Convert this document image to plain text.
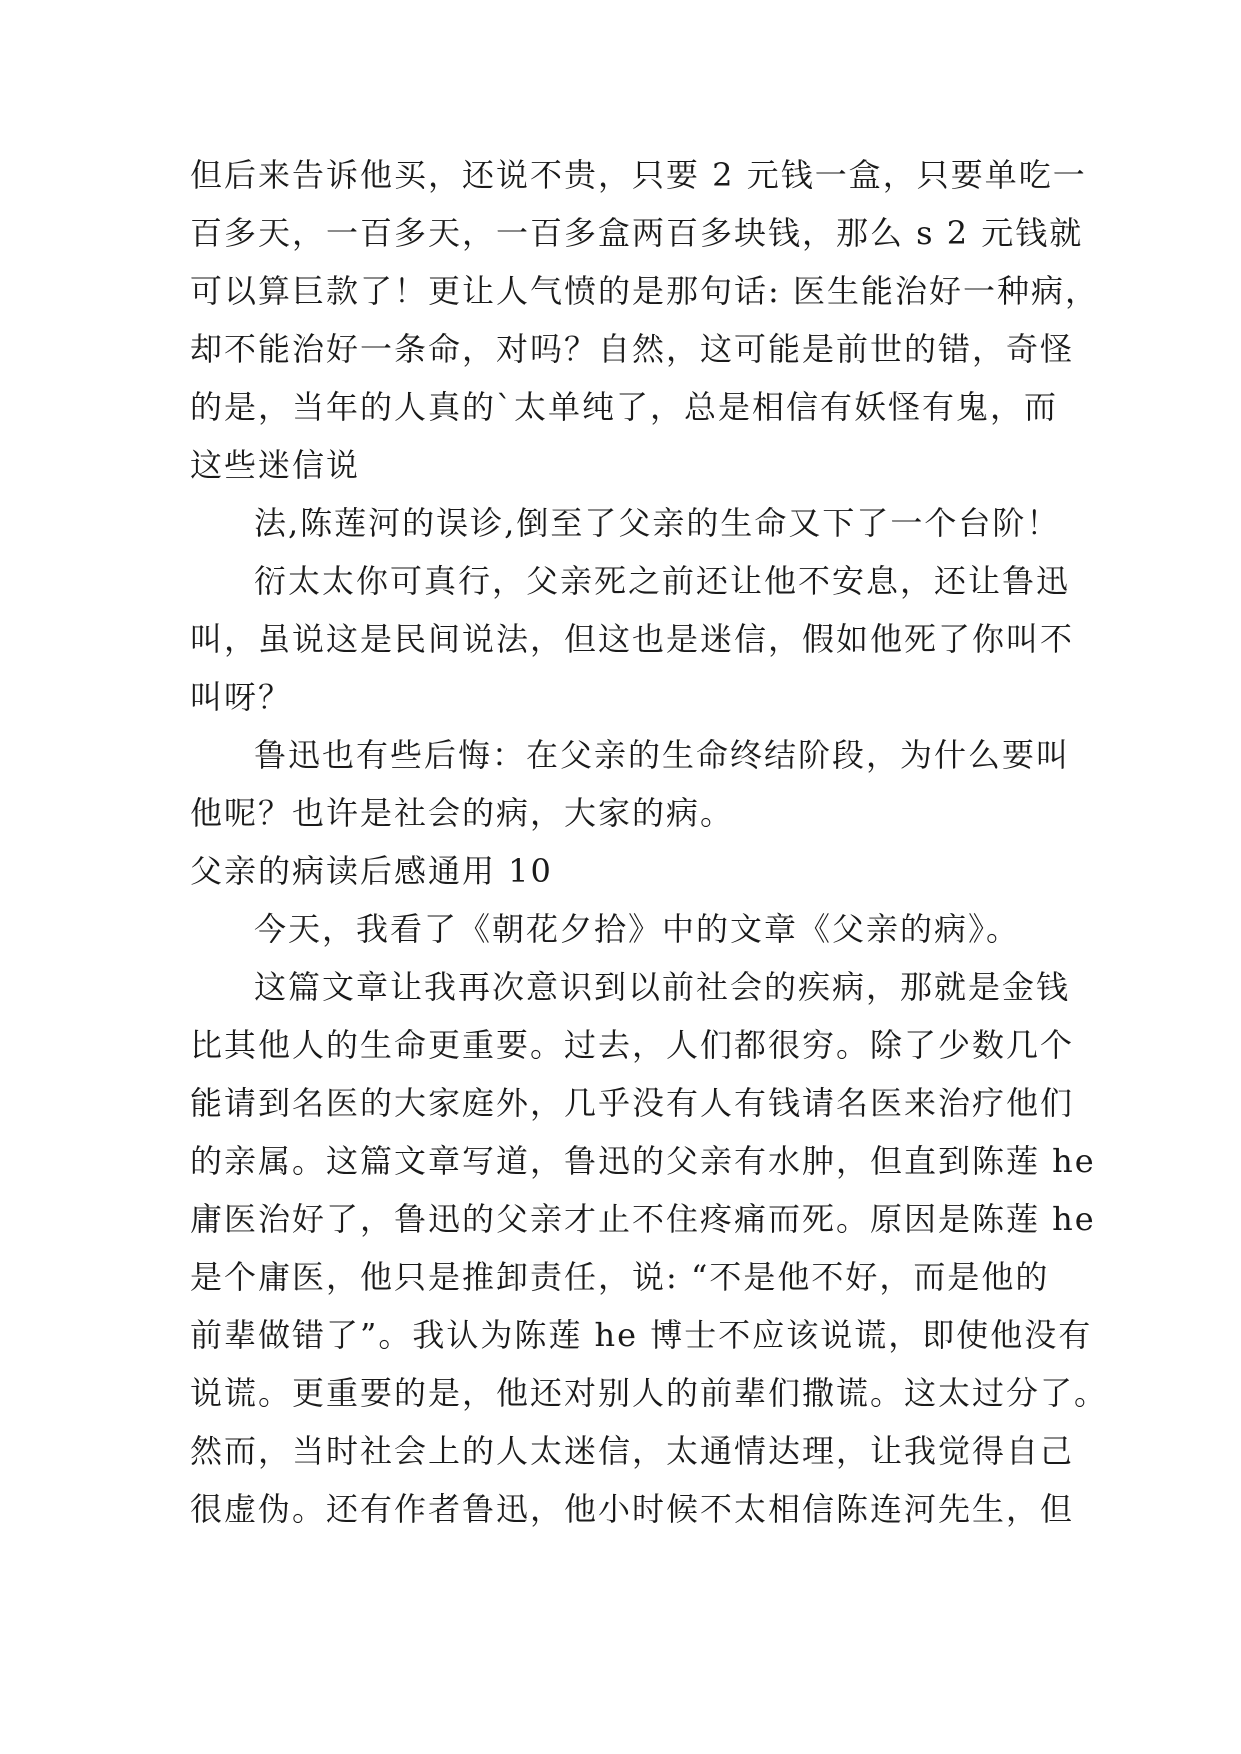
但后来告诉他买，还说不贵，只要 2 元钱一盒，只要单吃一
百多天，一百多天，一百多盒两百多块钱，那么 s 2 元钱就
可以算巨款了！更让人气愤的是那句话: 医生能治好一种病，
却不能治好一条命，对吗？自然，这可能是前世的错，奇怪
的是，当年的人真的`太单纯了，总是相信有妖怪有鬼，而
这些迷信说
法,陈莲河的误诊,倒至了父亲的生命又下了一个台阶！
衍太太你可真行，父亲死之前还让他不安息，还让鲁迅
叫，虽说这是民间说法，但这也是迷信，假如他死了你叫不
叫呀？
鲁迅也有些后悔：在父亲的生命终结阶段，为什么要叫
他呢？也许是社会的病，大家的病。
父亲的病读后感通用 10
今天，我看了《朝花夕拾》中的文章《父亲的病》。
这篇文章让我再次意识到以前社会的疾病，那就是金钱
比其他人的生命更重要。过去，人们都很穷。除了少数几个
能请到名医的大家庭外，几乎没有人有钱请名医来治疗他们
的亲属。这篇文章写道，鲁迅的父亲有水肿，但直到陈莲 he
庸医治好了，鲁迅的父亲才止不住疼痛而死。原因是陈莲 he
是个庸医，他只是推卸责任，说: “不是他不好，而是他的
前辈做错了”。我认为陈莲 he 博士不应该说谎，即使他没有
说谎。更重要的是，他还对别人的前辈们撒谎。这太过分了。
然而，当时社会上的人太迷信，太通情达理，让我觉得自己
很虚伪。还有作者鲁迅，他小时候不太相信陈连河先生，但
